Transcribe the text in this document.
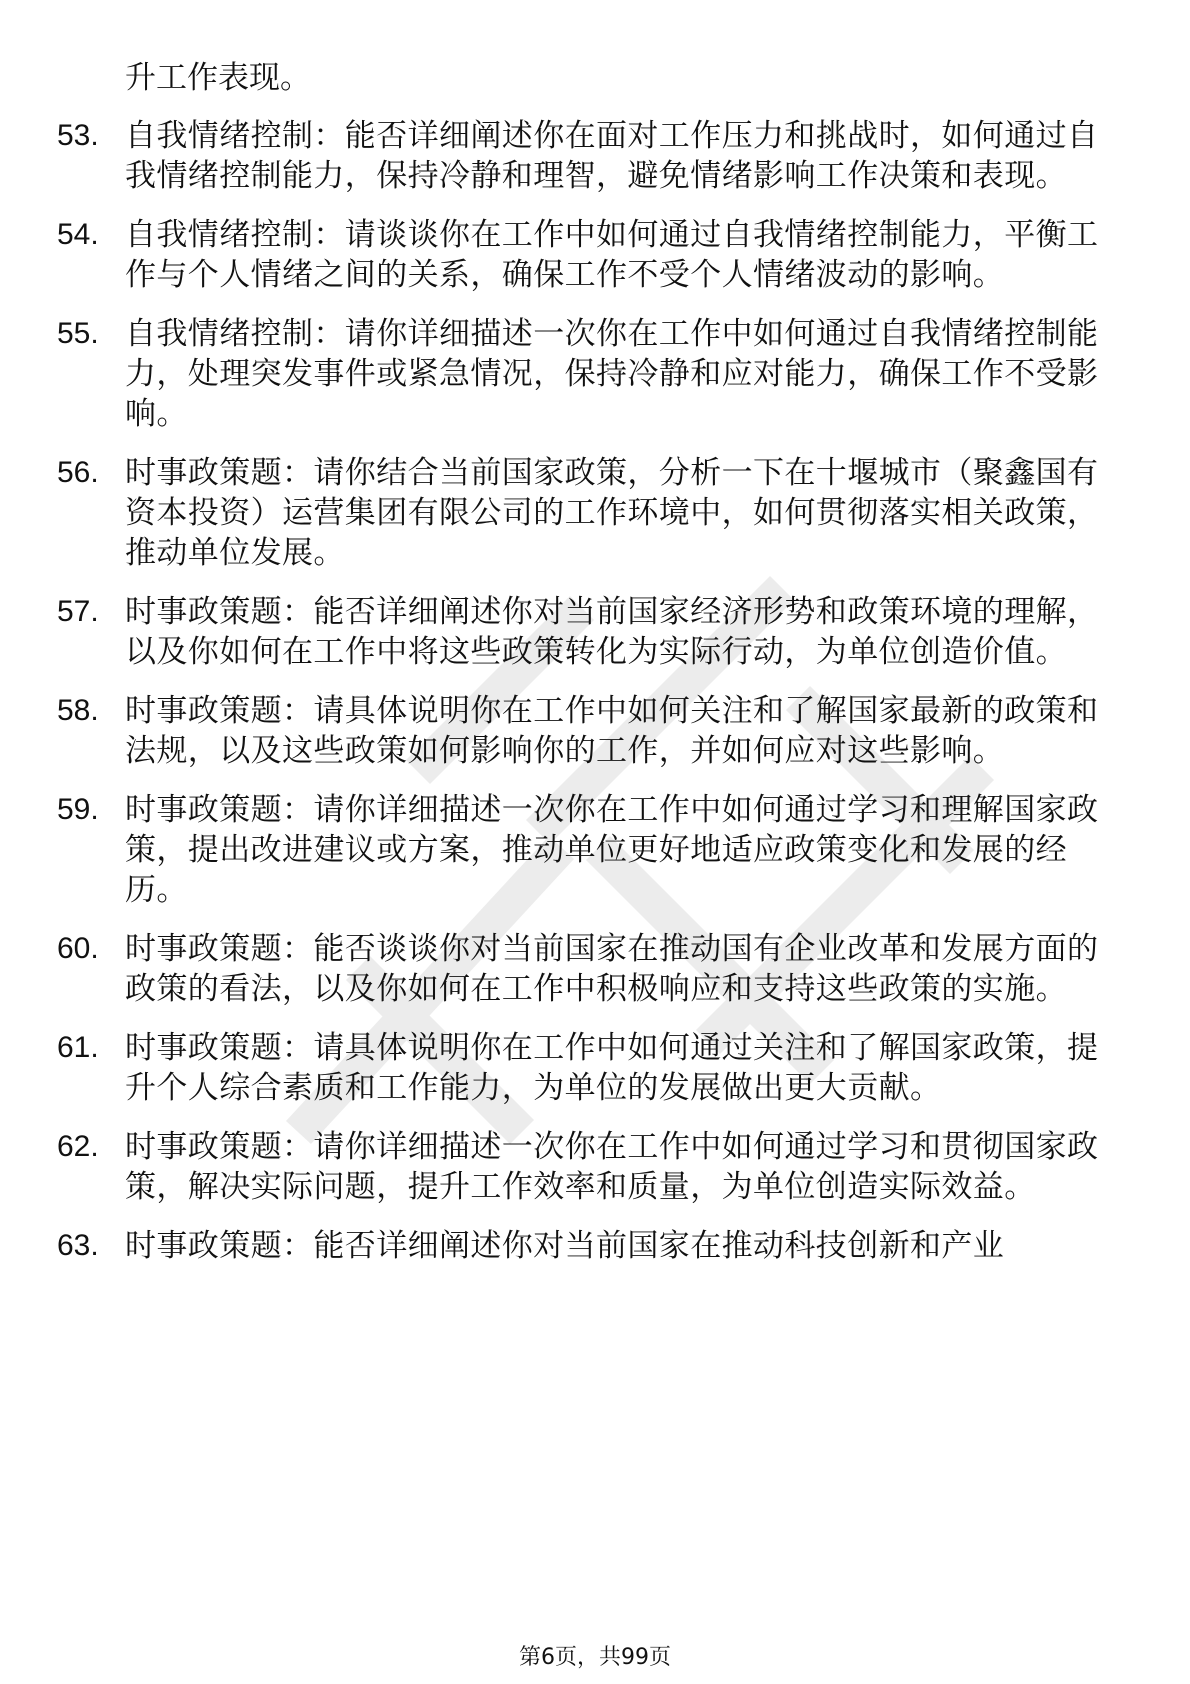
升工作表现。
53. 自我情绪控制：能否详细阐述你在面对工作压力和挑战时，如何通过自我情绪控制能力，保持冷静和理智，避免情绪影响工作决策和表现。
54. 自我情绪控制：请谈谈你在工作中如何通过自我情绪控制能力，平衡工作与个人情绪之间的关系，确保工作不受个人情绪波动的影响。
55. 自我情绪控制：请你详细描述一次你在工作中如何通过自我情绪控制能力，处理突发事件或紧急情况，保持冷静和应对能力，确保工作不受影响。
56. 时事政策题：请你结合当前国家政策，分析一下在十堰城市（聚鑫国有资本投资）运营集团有限公司的工作环境中，如何贯彻落实相关政策，推动单位发展。
57. 时事政策题：能否详细阐述你对当前国家经济形势和政策环境的理解，以及你如何在工作中将这些政策转化为实际行动，为单位创造价值。
58. 时事政策题：请具体说明你在工作中如何关注和了解国家最新的政策和法规，以及这些政策如何影响你的工作，并如何应对这些影响。
59. 时事政策题：请你详细描述一次你在工作中如何通过学习和理解国家政策，提出改进建议或方案，推动单位更好地适应政策变化和发展的经历。
60. 时事政策题：能否谈谈你对当前国家在推动国有企业改革和发展方面的政策的看法，以及你如何在工作中积极响应和支持这些政策的实施。
61. 时事政策题：请具体说明你在工作中如何通过关注和了解国家政策，提升个人综合素质和工作能力，为单位的发展做出更大贡献。
62. 时事政策题：请你详细描述一次你在工作中如何通过学习和贯彻国家政策，解决实际问题，提升工作效率和质量，为单位创造实际效益。
63. 时事政策题：能否详细阐述你对当前国家在推动科技创新和产业
第6页，共99页
